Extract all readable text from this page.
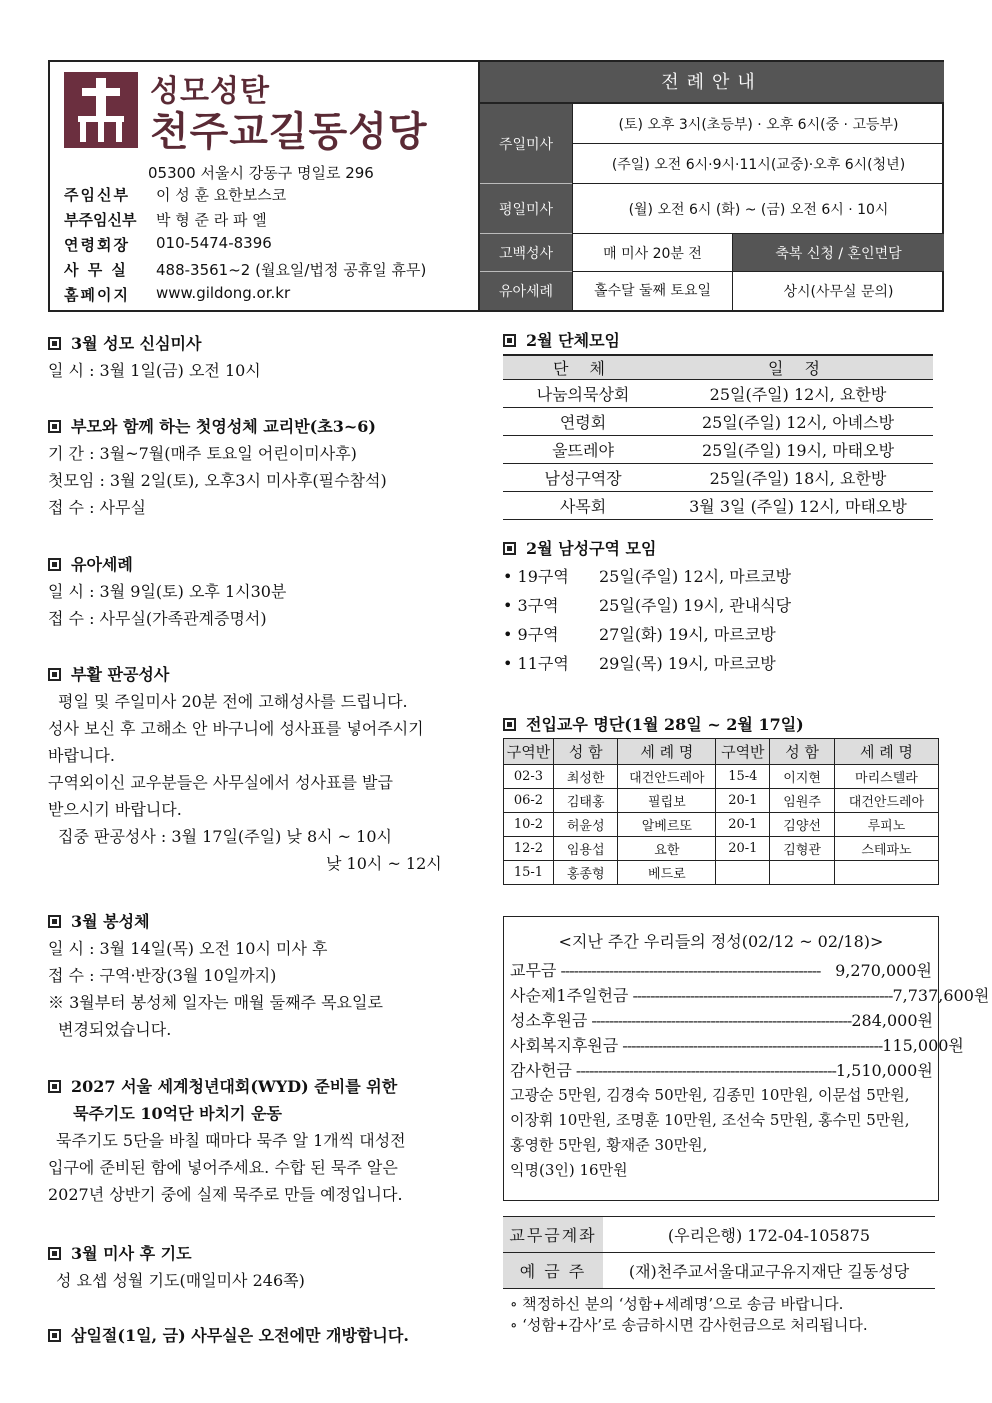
성모성탄
천주교길동성당
05300 서울시 강동구 명일로 296
주임신부	이 성 훈 요한보스코
부주임신부	박 형 준 라 파 엘
연령회장	010-5474-8396
사 무 실	488-3561~2 (월요일/법정 공휴일 휴무)
홈페이지	www.gildong.or.kr
전례안내
주일미사
(토) 오후 3시(초등부) · 오후 6시(중 · 고등부)
(주일) 오전 6시·9시·11시(교중)·오후 6시(청년)
평일미사	(월) 오전 6시 (화) ~ (금) 오전 6시 · 10시
고백성사	매 미사 20분 전	축복 신청 / 혼인면담
유아세례	홀수달 둘째 토요일	상시(사무실 문의)
3월 성모 신심미사
일 시 : 3월 1일(금) 오전 10시
부모와 함께 하는 첫영성체 교리반(초3~6)
기 간 : 3월~7월(매주 토요일 어린이미사후)
첫모임 : 3월 2일(토), 오후3시 미사후(필수참석)
접 수 : 사무실
유아세례
일 시 : 3월 9일(토) 오후 1시30분
접 수 : 사무실(가족관계증명서)
부활 판공성사
평일 및 주일미사 20분 전에 고해성사를 드립니다.
성사 보신 후 고해소 안 바구니에 성사표를 넣어주시기
바랍니다.
구역외이신 교우분들은 사무실에서 성사표를 발급
받으시기 바랍니다.
집중 판공성사 : 3월 17일(주일) 낮 8시 ~ 10시
낮 10시 ~ 12시
3월 봉성체
일 시 : 3월 14일(목) 오전 10시 미사 후
접 수 : 구역·반장(3월 10일까지)
※ 3월부터 봉성체 일자는 매월 둘째주 목요일로
변경되었습니다.
2027 서울 세계청년대회(WYD) 준비를 위한
묵주기도 10억단 바치기 운동
묵주기도 5단을 바칠 때마다 묵주 알 1개씩 대성전
입구에 준비된 함에 넣어주세요. 수합 된 묵주 알은
2027년 상반기 중에 실제 묵주로 만들 예정입니다.
3월 미사 후 기도
성 요셉 성월 기도(매일미사 246쪽)
삼일절(1일, 금) 사무실은 오전에만 개방합니다.
2월 단체모임
단 체	일 정
나눔의묵상회	25일(주일) 12시, 요한방
연령회	25일(주일) 12시, 아녜스방
울뜨레야	25일(주일) 19시, 마태오방
남성구역장	25일(주일) 18시, 요한방
사목회	3월 3일 (주일) 12시, 마태오방
2월 남성구역 모임
• 19구역 25일(주일) 12시, 마르코방
• 3구역	25일(주일) 19시, 관내식당
• 9구역	27일(화) 19시, 마르코방
• 11구역 29일(목) 19시, 마르코방
전입교우 명단(1월 28일 ~ 2월 17일)
구역반	성 함	세 례 명	구역반	성 함	세 례 명
02-3	최성한	대건안드레아	15-4	이지현	마리스텔라
06-2	김태홍	필립보	20-1	임원주	대건안드레아
10-2	허윤성	알베르또	20-1	김양선	루피노
12-2	임용섭	요한	20-1	김형관	스테파노
15-1	홍종형	베드로			
<지난 주간 우리들의 정성(02/12 ~ 02/18)>
교무금 ----------------------------------------------------------- 9,270,000원
사순제1주일헌금 ----------------------------------------------------------- 7,737,600원
성소후원금 ----------------------------------------------------------- 284,000원
사회복지후원금 ----------------------------------------------------------- 115,000원
감사헌금 ----------------------------------------------------------- 1,510,000원
고광순 5만원, 김경숙 50만원, 김종민 10만원, 이문섭 5만원,
이장휘 10만원, 조명훈 10만원, 조선숙 5만원, 홍수민 5만원,
홍영한 5만원, 황재준 30만원,
익명(3인) 16만원
교무금계좌	(우리은행) 172-04-105875
예 금 주	(재)천주교서울대교구유지재단 길동성당
∘ 책정하신 분의 ‘성함+세례명’으로 송금 바랍니다.
∘ ‘성함+감사’로 송금하시면 감사헌금으로 처리됩니다.
